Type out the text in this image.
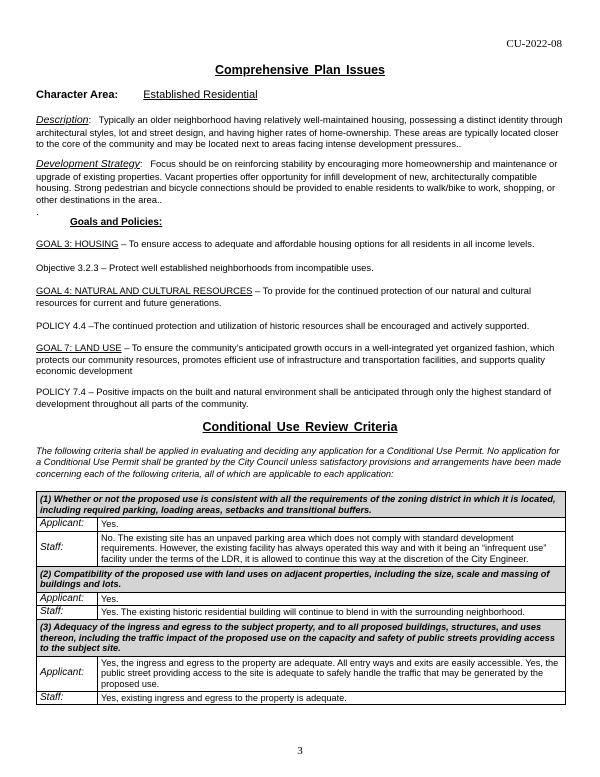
CU-2022-08
Comprehensive Plan Issues
Character Area: Established Residential
Description:   Typically an older neighborhood having relatively well-maintained housing, possessing a distinct identity through architectural styles, lot and street design, and having higher rates of home-ownership. These areas are typically located closer to the core of the community and may be located next to areas facing intense development pressures..
Development Strategy:   Focus should be on reinforcing stability by encouraging more homeownership and maintenance or upgrade of existing properties. Vacant properties offer opportunity for infill development of new, architecturally compatible housing. Strong pedestrian and bicycle connections should be provided to enable residents to walk/bike to work, shopping, or other destinations in the area..
.
Goals and Policies:
GOAL 3: HOUSING – To ensure access to adequate and affordable housing options for all residents in all income levels.
Objective 3.2.3 – Protect well established neighborhoods from incompatible uses.
GOAL 4: NATURAL AND CULTURAL RESOURCES – To provide for the continued protection of our natural and cultural resources for current and future generations.
POLICY 4.4 –The continued protection and utilization of historic resources shall be encouraged and actively supported.
GOAL 7: LAND USE – To ensure the community’s anticipated growth occurs in a well-integrated yet organized fashion, which protects our community resources, promotes efficient use of infrastructure and transportation facilities, and supports quality economic development
POLICY 7.4 – Positive impacts on the built and natural environment shall be anticipated through only the highest standard of development throughout all parts of the community.
Conditional Use Review Criteria
The following criteria shall be applied in evaluating and deciding any application for a Conditional Use Permit. No application for a Conditional Use Permit shall be granted by the City Council unless satisfactory provisions and arrangements have been made concerning each of the following criteria, all of which are applicable to each application:
(1) Whether or not the proposed use is consistent with all the requirements of the zoning district in which it is located, including required parking, loading areas, setbacks and transitional buffers.	
Applicant:	Yes.
Staff:	No. The existing site has an unpaved parking area which does not comply with standard development requirements. However, the existing facility has always operated this way and with it being an “infrequent use” facility under the terms of the LDR, it is allowed to continue this way at the discretion of the City Engineer.
(2) Compatibility of the proposed use with land uses on adjacent properties, including the size, scale and massing of buildings and lots.	
Applicant:	Yes.
Staff:	Yes. The existing historic residential building will continue to blend in with the surrounding neighborhood.
(3) Adequacy of the ingress and egress to the subject property, and to all proposed buildings, structures, and uses thereon, including the traffic impact of the proposed use on the capacity and safety of public streets providing access to the subject site.	
Applicant:	Yes, the ingress and egress to the property are adequate. All entry ways and exits are easily accessible. Yes, the public street providing access to the site is adequate to safely handle the traffic that may be generated by the proposed use.
Staff:	Yes, existing ingress and egress to the property is adequate.
3
